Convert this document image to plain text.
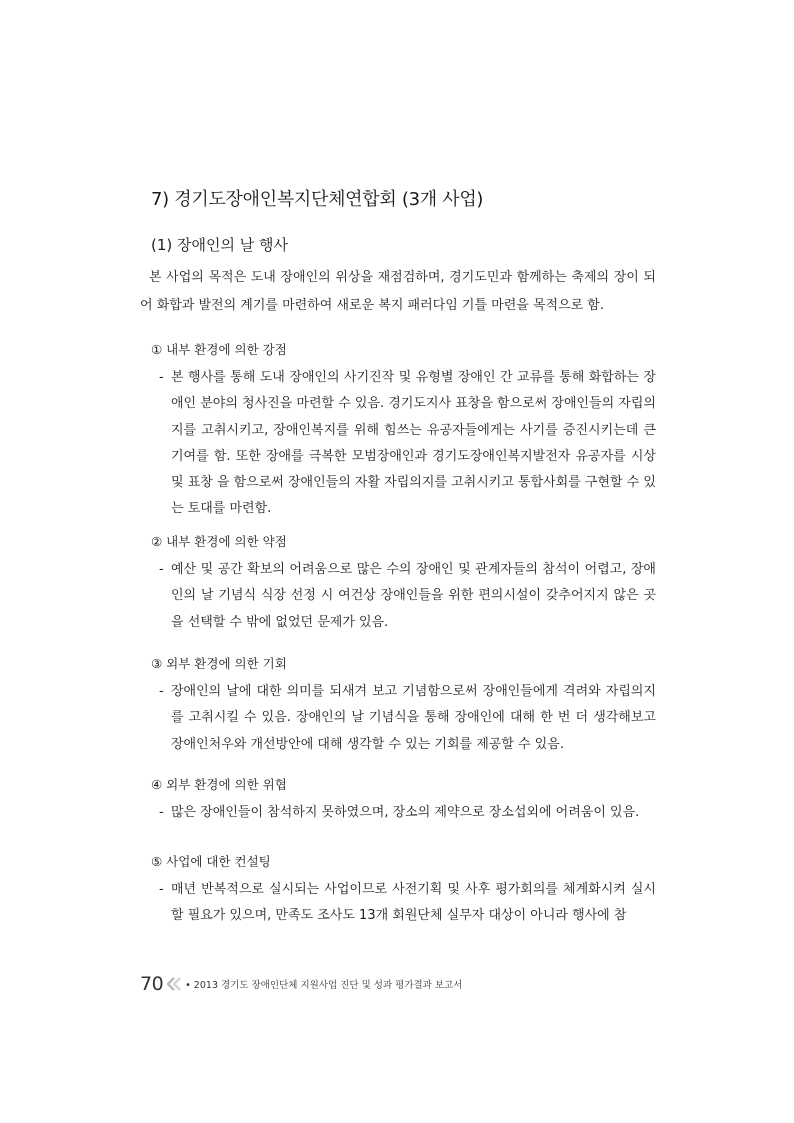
7) 경기도장애인복지단체연합회 (3개 사업)
(1) 장애인의 날 행사
본 사업의 목적은 도내 장애인의 위상을 재점검하며, 경기도민과 함께하는 축제의 장이 되어 화합과 발전의 계기를 마련하여 새로운 복지 패러다임 기틀 마련을 목적으로 함.
① 내부 환경에 의한 강점
- 본 행사를 통해 도내 장애인의 사기진작 및 유형별 장애인 간 교류를 통해 화합하는 장애인 분야의 청사진을 마련할 수 있음. 경기도지사 표창을 함으로써 장애인들의 자립의지를 고취시키고, 장애인복지를 위해 힘쓰는 유공자들에게는 사기를 증진시키는데 큰 기여를 함. 또한 장애를 극복한 모범장애인과 경기도장애인복지발전자 유공자를 시상 및 표창 을 함으로써 장애인들의 자활 자립의지를 고취시키고 통합사회를 구현할 수 있는 토대를 마련함.
② 내부 환경에 의한 약점
- 예산 및 공간 확보의 어려움으로 많은 수의 장애인 및 관계자들의 참석이 어렵고, 장애인의 날 기념식 식장 선정 시 여건상 장애인들을 위한 편의시설이 갖추어지지 않은 곳을 선택할 수 밖에 없었던 문제가 있음.
③ 외부 환경에 의한 기회
- 장애인의 날에 대한 의미를 되새겨 보고 기념함으로써 장애인들에게 격려와 자립의지를 고취시킬 수 있음. 장애인의 날 기념식을 통해 장애인에 대해 한 번 더 생각해보고 장애인처우와 개선방안에 대해 생각할 수 있는 기회를 제공할 수 있음.
④ 외부 환경에 의한 위협
- 많은 장애인들이 참석하지 못하였으며, 장소의 제약으로 장소섭외에 어려움이 있음.
⑤ 사업에 대한 컨설팅
- 매년 반복적으로 실시되는 사업이므로 사전기획 및 사후 평가회의를 체계화시켜 실시할 필요가 있으며, 만족도 조사도 13개 회원단체 실무자 대상이 아니라 행사에 참
70 • 2013 경기도 장애인단체 지원사업 진단 및 성과 평가결과 보고서
